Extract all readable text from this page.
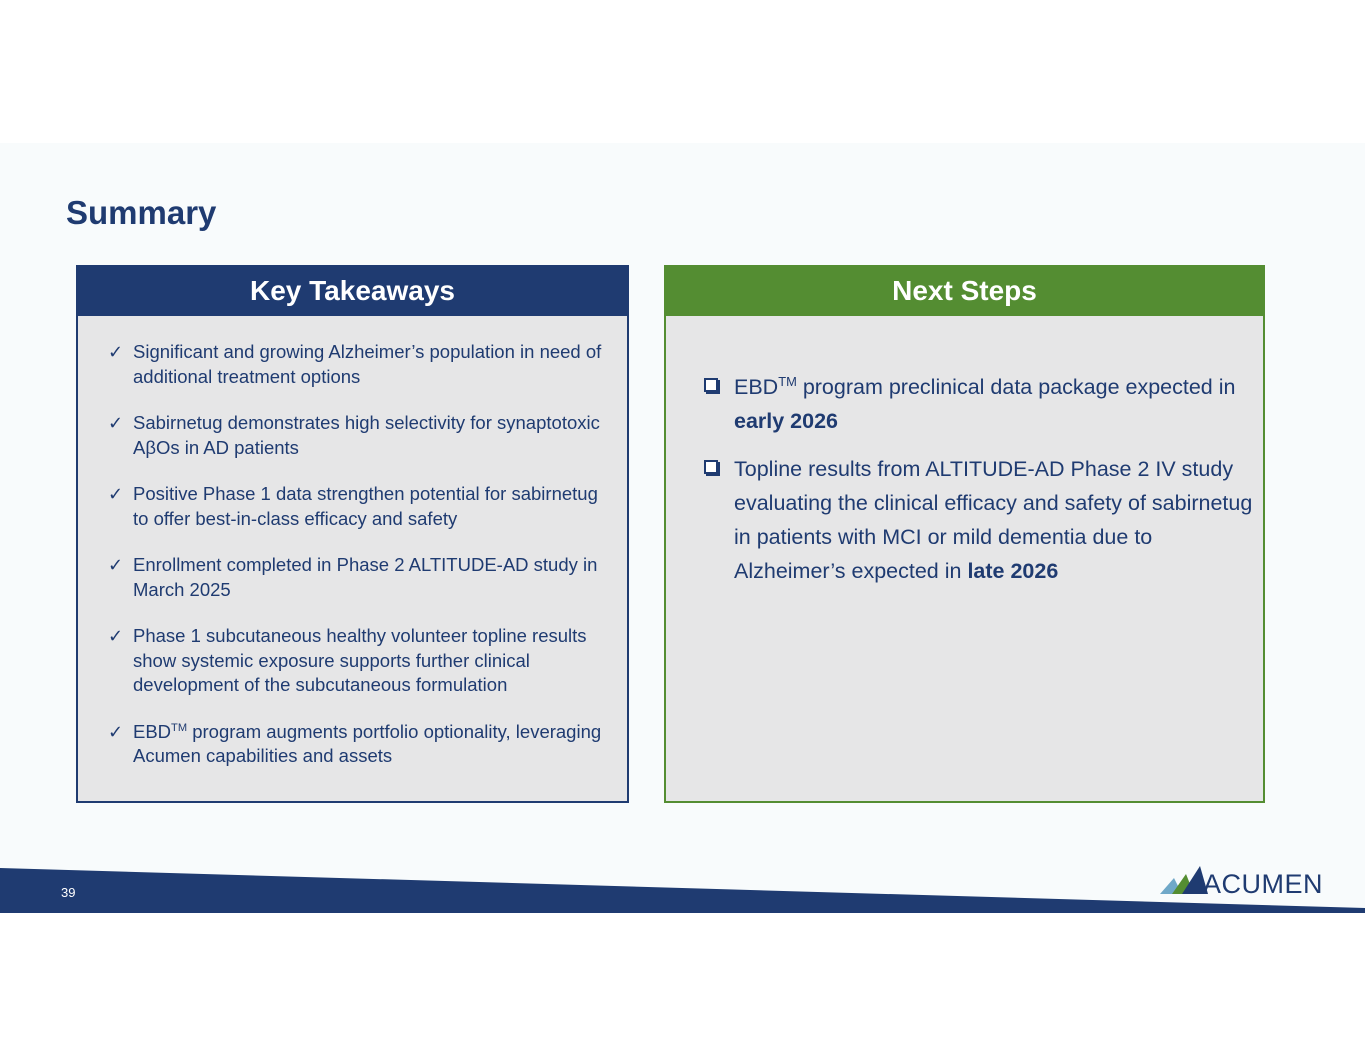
Summary
Key Takeaways
✓ Significant and growing Alzheimer’s population in need of additional treatment options
✓ Sabirnetug demonstrates high selectivity for synaptotoxic AβOs in AD patients
✓ Positive Phase 1 data strengthen potential for sabirnetug to offer best-in-class efficacy and safety
✓ Enrollment completed in Phase 2 ALTITUDE-AD study in March 2025
✓ Phase 1 subcutaneous healthy volunteer topline results show systemic exposure supports further clinical development of the subcutaneous formulation
✓ EBD™ program augments portfolio optionality, leveraging Acumen capabilities and assets
Next Steps
EBD™ program preclinical data package expected in early 2026
Topline results from ALTITUDE-AD Phase 2 IV study evaluating the clinical efficacy and safety of sabirnetug in patients with MCI or mild dementia due to Alzheimer’s expected in late 2026
39	ACUMEN
